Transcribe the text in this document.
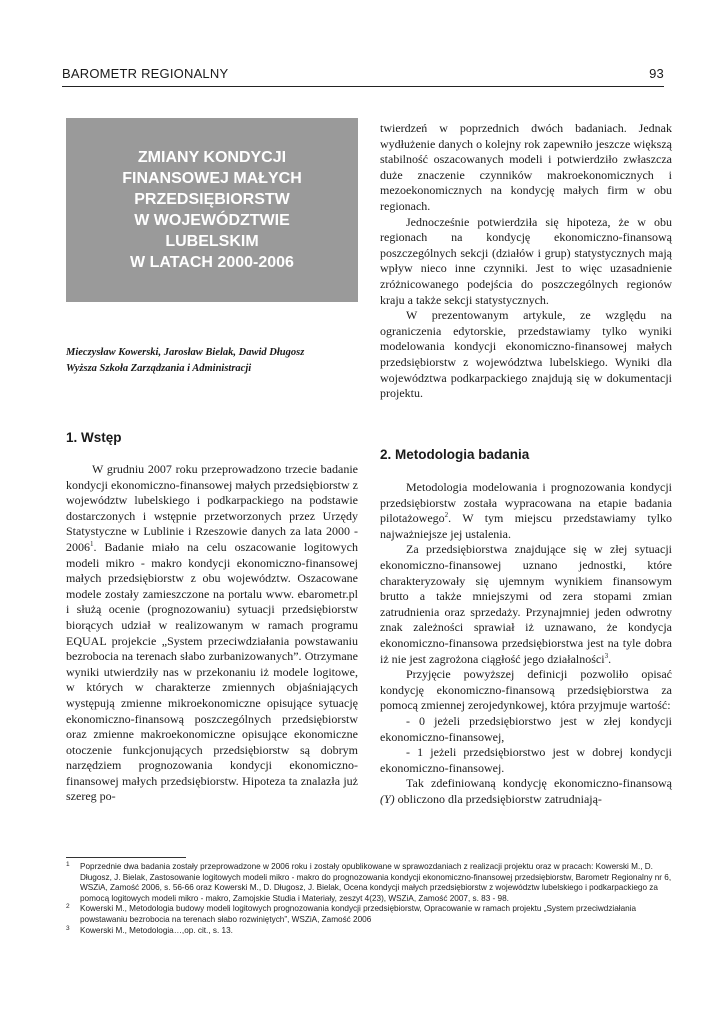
BAROMETR REGIONALNY	93
ZMIANY KONDYCJI
FINANSOWEJ MAŁYCH
PRZEDSIĘBIORSTW
W WOJEWÓDZTWIE
LUBELSKIM
W LATACH 2000-2006
Mieczysław Kowerski, Jarosław Bielak, Dawid Długosz
Wyższa Szkoła Zarządzania i Administracji
1. Wstęp

W grudniu 2007 roku przeprowadzono trzecie badanie kondycji ekonomiczno-finansowej małych przedsiębiorstw z województw lubelskiego i podkarpackiego na podstawie dostarczonych i wstępnie przetworzonych przez Urzędy Statystyczne w Lublinie i Rzeszowie danych za lata 2000 - 2006$^1$. Badanie miało na celu oszacowanie logitowych modeli mikro - makro kondycji ekonomiczno-finansowej małych przedsiębiorstw z obu województw. Oszacowane modele zostały zamieszczone na portalu www. ebarometr.pl i służą ocenie (prognozowaniu) sytuacji przedsiębiorstw biorących udział w realizowanym w ramach programu EQUAL projekcie „System przeciwdziałania powstawaniu bezrobocia na terenach słabo zurbanizowanych”. Otrzymane wyniki utwierdziły nas w przekonaniu iż modele logitowe, w których w charakterze zmiennych objaśniających występują zmienne mikroekonomiczne opisujące sytuację ekonomiczno-finansową poszczególnych przedsiębiorstw oraz zmienne makroekonomiczne opisujące ekonomiczne otoczenie funkcjonujących przedsiębiorstw są dobrym narzędziem prognozowania kondycji ekonomiczno-finansowej małych przedsiębiorstw. Hipoteza ta znalazła już szereg po-

twierdzeń w poprzednich dwóch badaniach. Jednak wydłużenie danych o kolejny rok zapewniło jeszcze większą stabilność oszacowanych modeli i potwierdziło zwłaszcza duże znaczenie czynników makroekonomicznych i mezoekonomicznych na kondycję małych firm w obu regionach.

Jednocześnie potwierdziła się hipoteza, że w obu regionach na kondycję ekonomiczno-finansową poszczególnych sekcji (działów i grup) statystycznych mają wpływ nieco inne czynniki. Jest to więc uzasadnienie zróżnicowanego podejścia do poszczególnych regionów kraju a także sekcji statystycznych.

W prezentowanym artykule, ze względu na ograniczenia edytorskie, przedstawiamy tylko wyniki modelowania kondycji ekonomiczno-finansowej małych przedsiębiorstw z województwa lubelskiego. Wyniki dla województwa podkarpackiego znajdują się w dokumentacji projektu.

2. Metodologia badania

Metodologia modelowania i prognozowania kondycji przedsiębiorstw została wypracowana na etapie badania pilotażowego$^2$. W tym miejscu przedstawiamy tylko najważniejsze jej ustalenia.

Za przedsiębiorstwa znajdujące się w złej sytuacji ekonomiczno-finansowej uznano jednostki, które charakteryzowały się ujemnym wynikiem finansowym brutto a także mniejszymi od zera stopami zmian zatrudnienia oraz sprzedaży. Przynajmniej jeden odwrotny znak zależności sprawiał iż uznawano, że kondycja ekonomiczno-finansowa przedsiębiorstwa jest na tyle dobra iż nie jest zagrożona ciągłość jego działalności$^3$.

Przyjęcie powyższej definicji pozwoliło opisać kondycję ekonomiczno-finansową przedsiębiorstwa za pomocą zmiennej zerojedynkowej, która przyjmuje wartość:

- 0 jeżeli przedsiębiorstwo jest w złej kondycji ekonomiczno-finansowej,

- 1 jeżeli przedsiębiorstwo jest w dobrej kondycji ekonomiczno-finansowej.

Tak zdefiniowaną kondycję ekonomiczno-finansową (Y) obliczono dla przedsiębiorstw zatrudniają-

1 Poprzednie dwa badania zostały przeprowadzone w 2006 roku i zostały opublikowane w sprawozdaniach z realizacji projektu oraz w pracach: Kowerski M., D. Długosz, J. Bielak, Zastosowanie logitowych modeli mikro - makro do prognozowania kondycji ekonomiczno-finansowej przedsiębiorstw, Barometr Regionalny nr 6, WSZiA, Zamość 2006, s. 56-66 oraz Kowerski M., D. Długosz, J. Bielak, Ocena kondycji małych przedsiębiorstw z województw lubelskiego i podkarpackiego za pomocą logitowych modeli mikro - makro, Zamojskie Studia i Materiały, zeszyt 4(23), WSZiA, Zamość 2007, s. 83 - 98.
2 Kowerski M., Metodologia budowy modeli logitowych prognozowania kondycji przedsiębiorstw, Opracowanie w ramach projektu „System przeciwdziałania powstawaniu bezrobocia na terenach słabo rozwiniętych”, WSZiA, Zamość 2006
3 Kowerski M., Metodologia…,op. cit., s. 13.
